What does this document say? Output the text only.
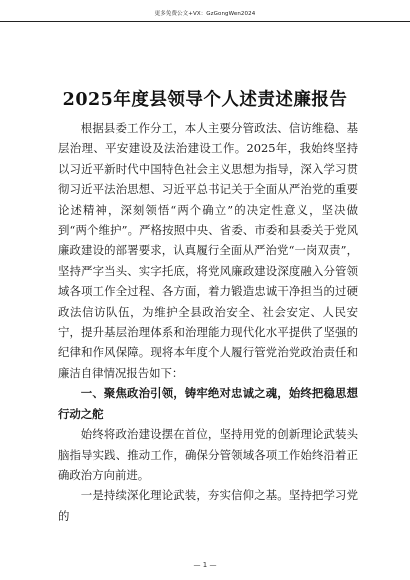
更多免费公文+VX：GzGongWen2024
2025年度县领导个人述责述廉报告

根据县委工作分工，本人主要分管政法、信访维稳、基层治理、平安建设及法治建设工作。2025年，我始终坚持以习近平新时代中国特色社会主义思想为指导，深入学习贯彻习近平法治思想、习近平总书记关于全面从严治党的重要论述精神，深刻领悟“两个确立”的决定性意义，坚决做到“两个维护”。严格按照中央、省委、市委和县委关于党风廉政建设的部署要求，认真履行全面从严治党“一岗双责”，坚持严字当头、实字托底，将党风廉政建设深度融入分管领域各项工作全过程、各方面，着力锻造忠诚干净担当的过硬政法信访队伍，为维护全县政治安全、社会安定、人民安宁，提升基层治理体系和治理能力现代化水平提供了坚强的纪律和作风保障。现将本年度个人履行管党治党政治责任和廉洁自律情况报告如下：

一、聚焦政治引领，铸牢绝对忠诚之魂，始终把稳思想行动之舵

始终将政治建设摆在首位，坚持用党的创新理论武装头脑指导实践、推动工作，确保分管领域各项工作始终沿着正确政治方向前进。

一是持续深化理论武装，夯实信仰之基。坚持把学习党的

— 1 —
